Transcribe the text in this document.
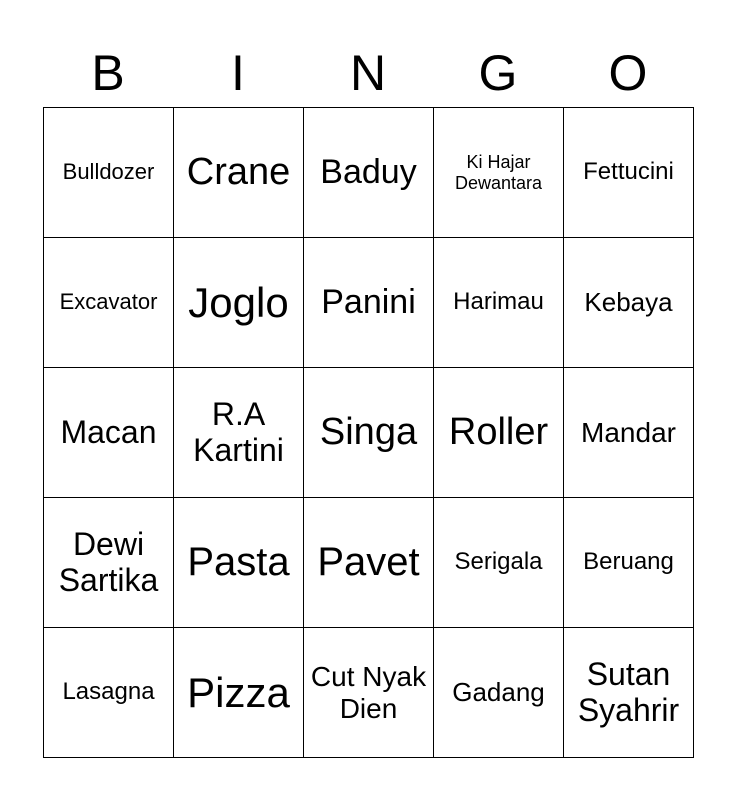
B	I	N	G	O
Bulldozer	Crane	Baduy	Ki Hajar Dewantara	Fettucini
Excavator	Joglo	Panini	Harimau	Kebaya
Macan	R.A Kartini	Singa	Roller	Mandar
Dewi Sartika	Pasta	Pavet	Serigala	Beruang
Lasagna	Pizza	Cut Nyak Dien	Gadang	Sutan Syahrir
